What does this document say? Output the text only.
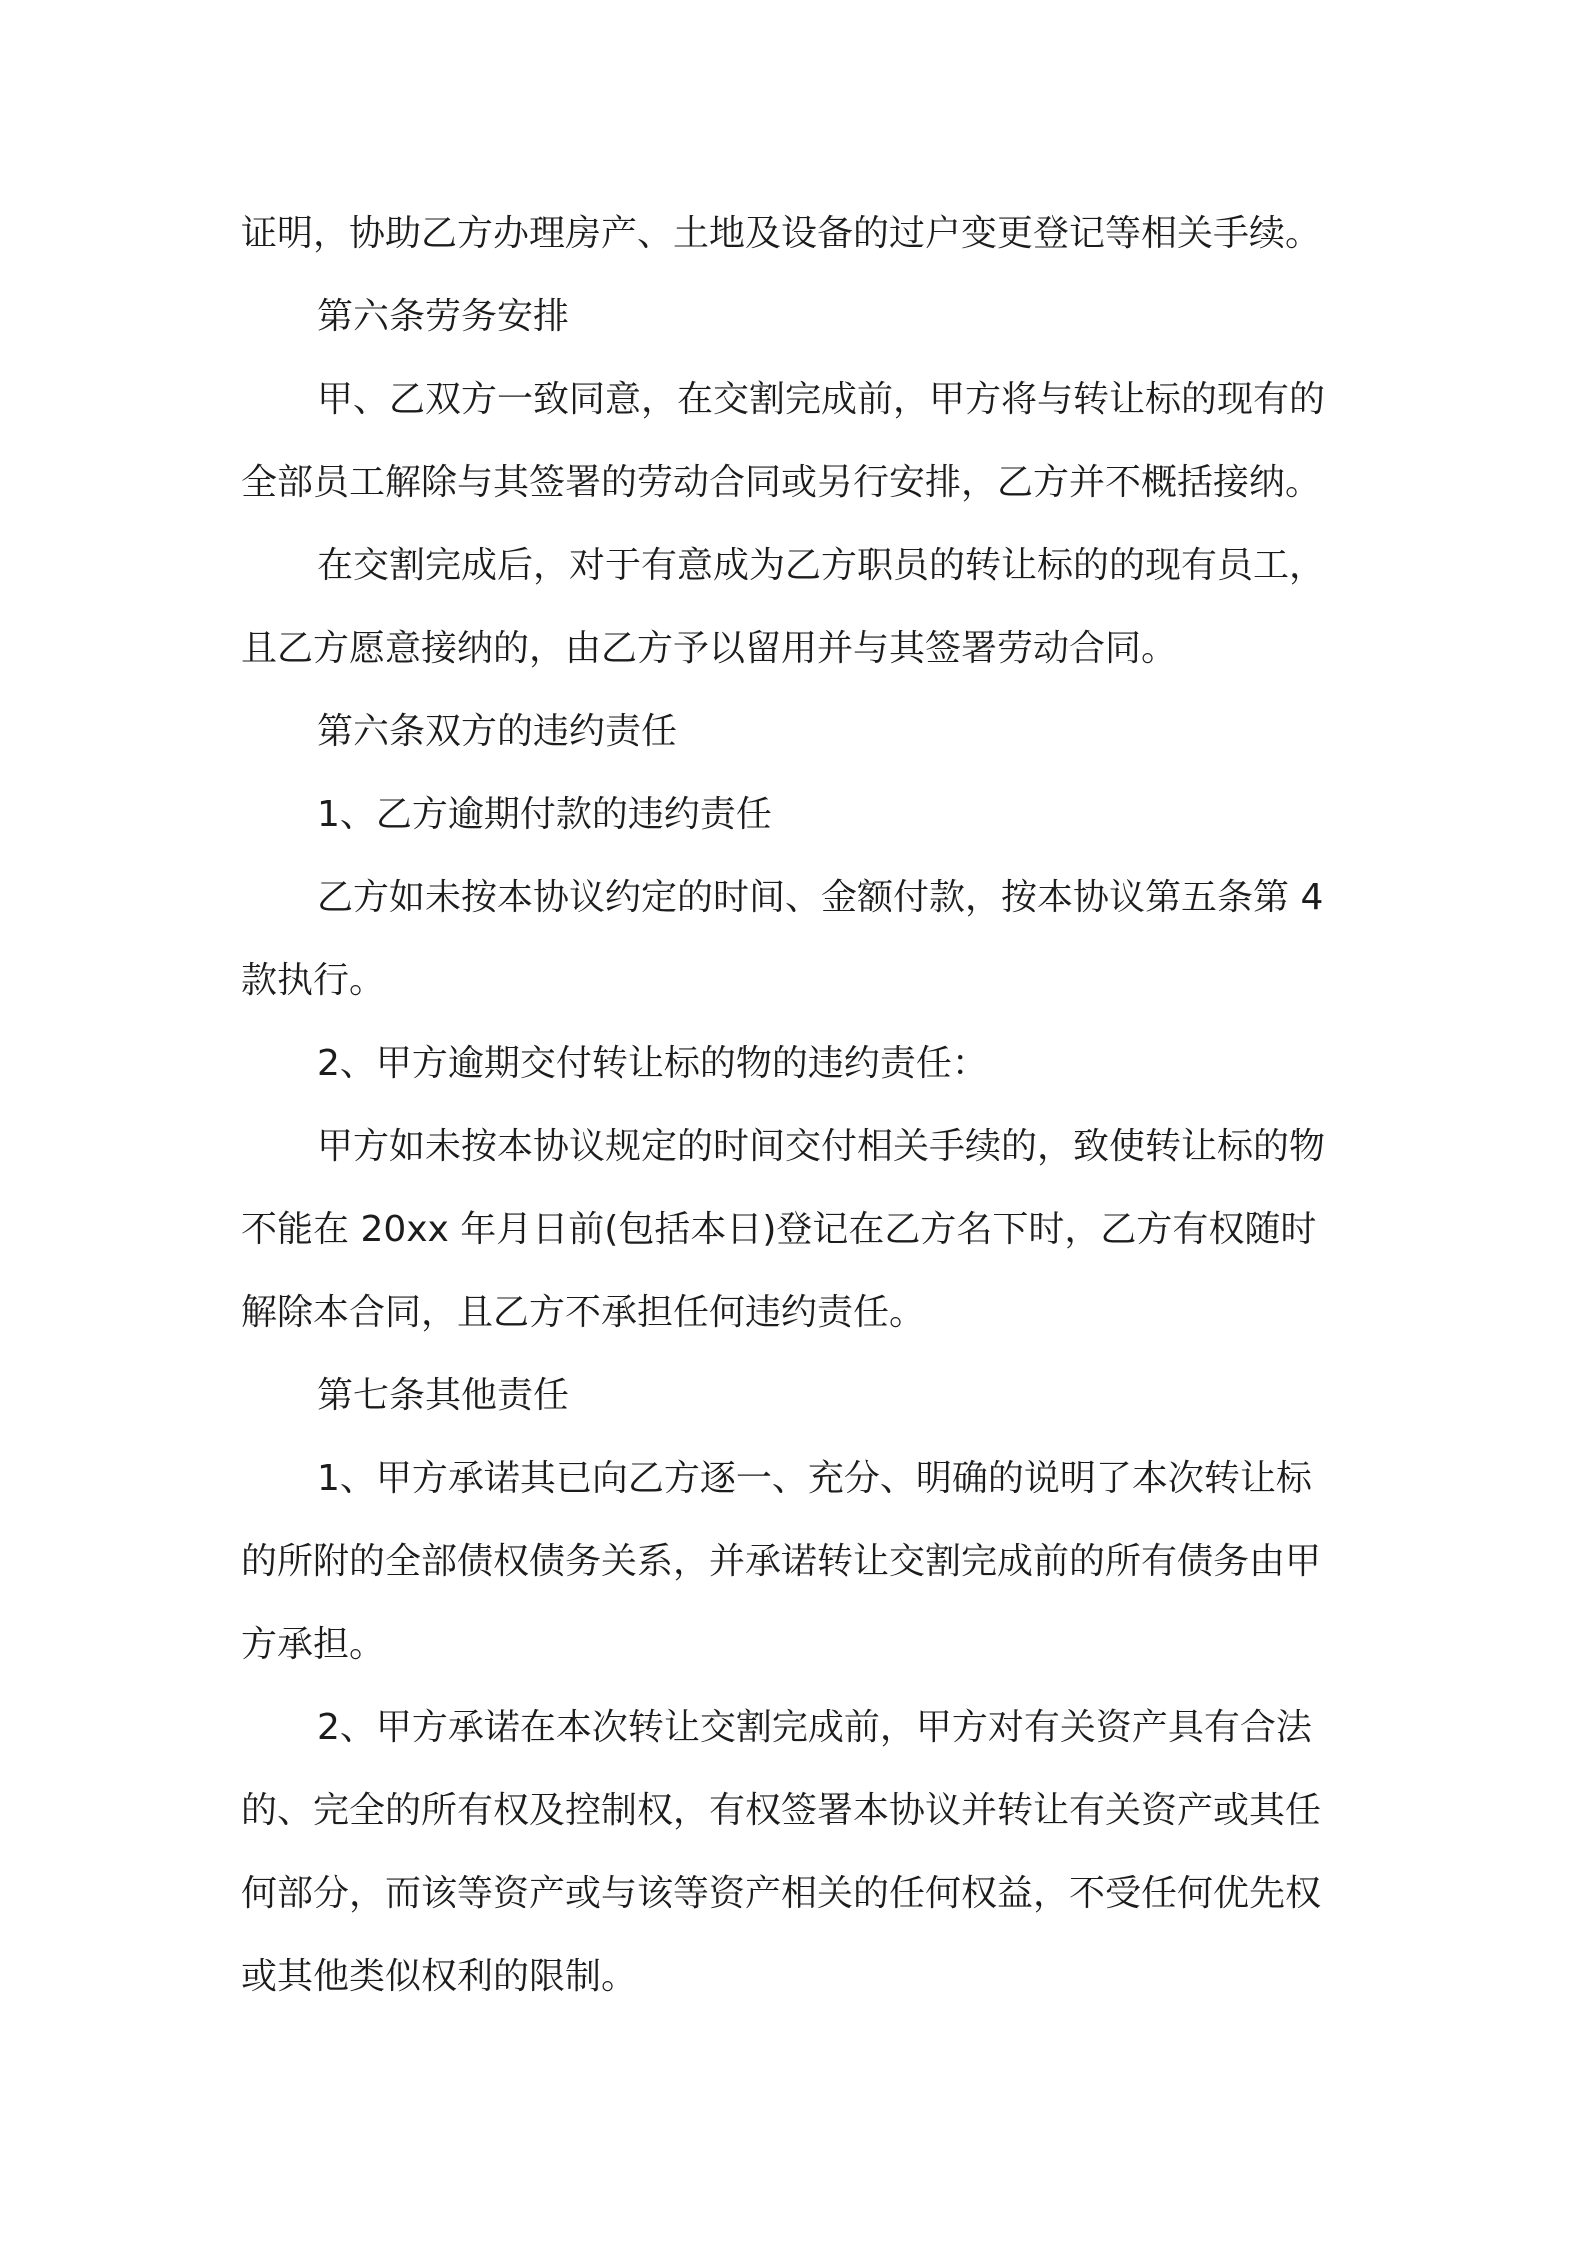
证明，协助乙方办理房产、土地及设备的过户变更登记等相关手续。

第六条劳务安排

甲、乙双方一致同意，在交割完成前，甲方将与转让标的现有的

全部员工解除与其签署的劳动合同或另行安排，乙方并不概括接纳。

在交割完成后，对于有意成为乙方职员的转让标的的现有员工，

且乙方愿意接纳的，由乙方予以留用并与其签署劳动合同。

第六条双方的违约责任

1、乙方逾期付款的违约责任

乙方如未按本协议约定的时间、金额付款，按本协议第五条第 4

款执行。

2、甲方逾期交付转让标的物的违约责任：

甲方如未按本协议规定的时间交付相关手续的，致使转让标的物

不能在 20xx 年月日前(包括本日)登记在乙方名下时，乙方有权随时

解除本合同，且乙方不承担任何违约责任。

第七条其他责任

1、甲方承诺其已向乙方逐一、充分、明确的说明了本次转让标

的所附的全部债权债务关系，并承诺转让交割完成前的所有债务由甲

方承担。

2、甲方承诺在本次转让交割完成前，甲方对有关资产具有合法

的、完全的所有权及控制权，有权签署本协议并转让有关资产或其任

何部分，而该等资产或与该等资产相关的任何权益，不受任何优先权

或其他类似权利的限制。
